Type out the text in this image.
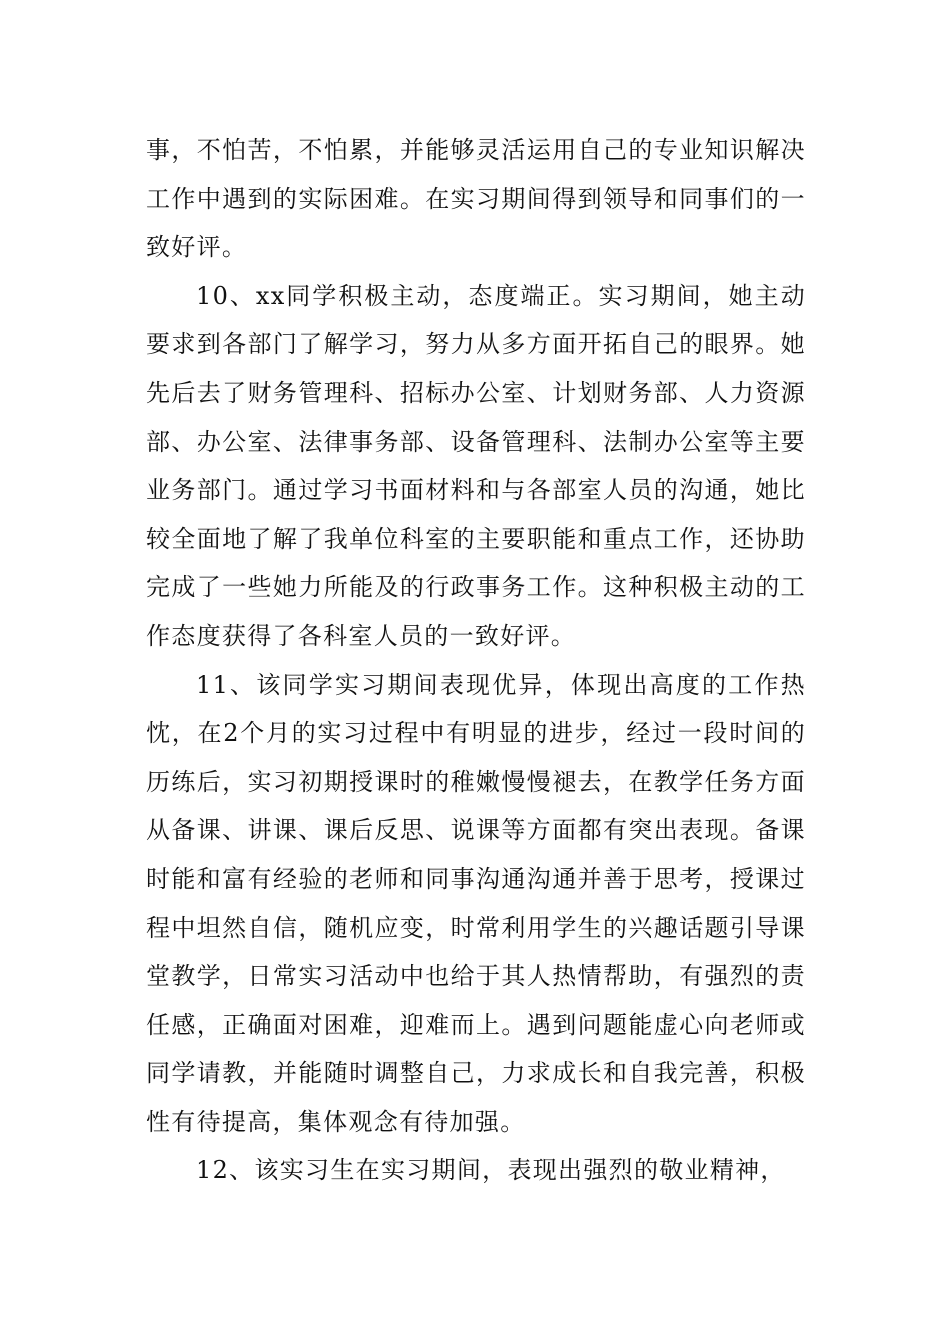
事，不怕苦，不怕累，并能够灵活运用自己的专业知识解决工作中遇到的实际困难。在实习期间得到领导和同事们的一致好评。

10、xx同学积极主动，态度端正。实习期间，她主动要求到各部门了解学习，努力从多方面开拓自己的眼界。她先后去了财务管理科、招标办公室、计划财务部、人力资源部、办公室、法律事务部、设备管理科、法制办公室等主要业务部门。通过学习书面材料和与各部室人员的沟通，她比较全面地了解了我单位科室的主要职能和重点工作，还协助完成了一些她力所能及的行政事务工作。这种积极主动的工作态度获得了各科室人员的一致好评。

11、该同学实习期间表现优异，体现出高度的工作热忱，在2个月的实习过程中有明显的进步，经过一段时间的历练后，实习初期授课时的稚嫩慢慢褪去，在教学任务方面从备课、讲课、课后反思、说课等方面都有突出表现。备课时能和富有经验的老师和同事沟通沟通并善于思考，授课过程中坦然自信，随机应变，时常利用学生的兴趣话题引导课堂教学，日常实习活动中也给于其人热情帮助，有强烈的责任感，正确面对困难，迎难而上。遇到问题能虚心向老师或同学请教，并能随时调整自己，力求成长和自我完善，积极性有待提高，集体观念有待加强。

12、该实习生在实习期间，表现出强烈的敬业精神，
